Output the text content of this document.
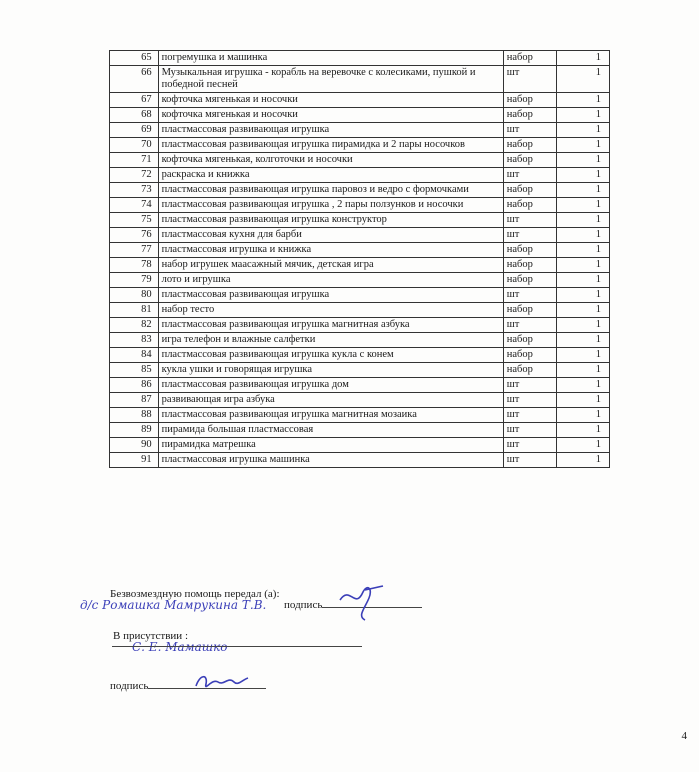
65	погремушка и машинка	набор	1
66	Музыкальная игрушка - корабль на веревочке с колесиками, пушкой и победной песней	шт	1
67	кофточка мягенькая и носочки	набор	1
68	кофточка мягенькая и носочки	набор	1
69	пластмассовая развивающая игрушка	шт	1
70	пластмассовая развивающая игрушка пирамидка и 2 пары носочков	набор	1
71	кофточка мягенькая, колготочки и носочки	набор	1
72	раскраска и книжка	шт	1
73	пластмассовая развивающая игрушка паровоз и ведро с формочками	набор	1
74	пластмассовая развивающая игрушка , 2 пары ползунков и носочки	набор	1
75	пластмассовая развивающая игрушка конструктор	шт	1
76	пластмассовая кухня для барби	шт	1
77	пластмассовая игрушка и книжка	набор	1
78	набор игрушек маасажный мячик, детская игра	набор	1
79	лото и игрушка	набор	1
80	пластмассовая развивающая игрушка	шт	1
81	набор тесто	набор	1
82	пластмассовая развивающая игрушка магнитная азбука	шт	1
83	игра телефон и влажные салфетки	набор	1
84	пластмассовая развивающая игрушка кукла с конем	набор	1
85	кукла ушки и говорящая игрушка	набор	1
86	пластмассовая развивающая игрушка дом	шт	1
87	развивающая игра азбука	шт	1
88	пластмассовая развивающая игрушка магнитная мозаика	шт	1
89	пирамида большая пластмассовая	шт	1
90	пирамидка матрешка	шт	1
91	пластмассовая игрушка машинка	шт	1
Безвозмездную помощь передал (а):
д/с Ромашка Мамрукина Т.В. подпись
В присутствии :
С. Е. Мамашко
подпись
4
